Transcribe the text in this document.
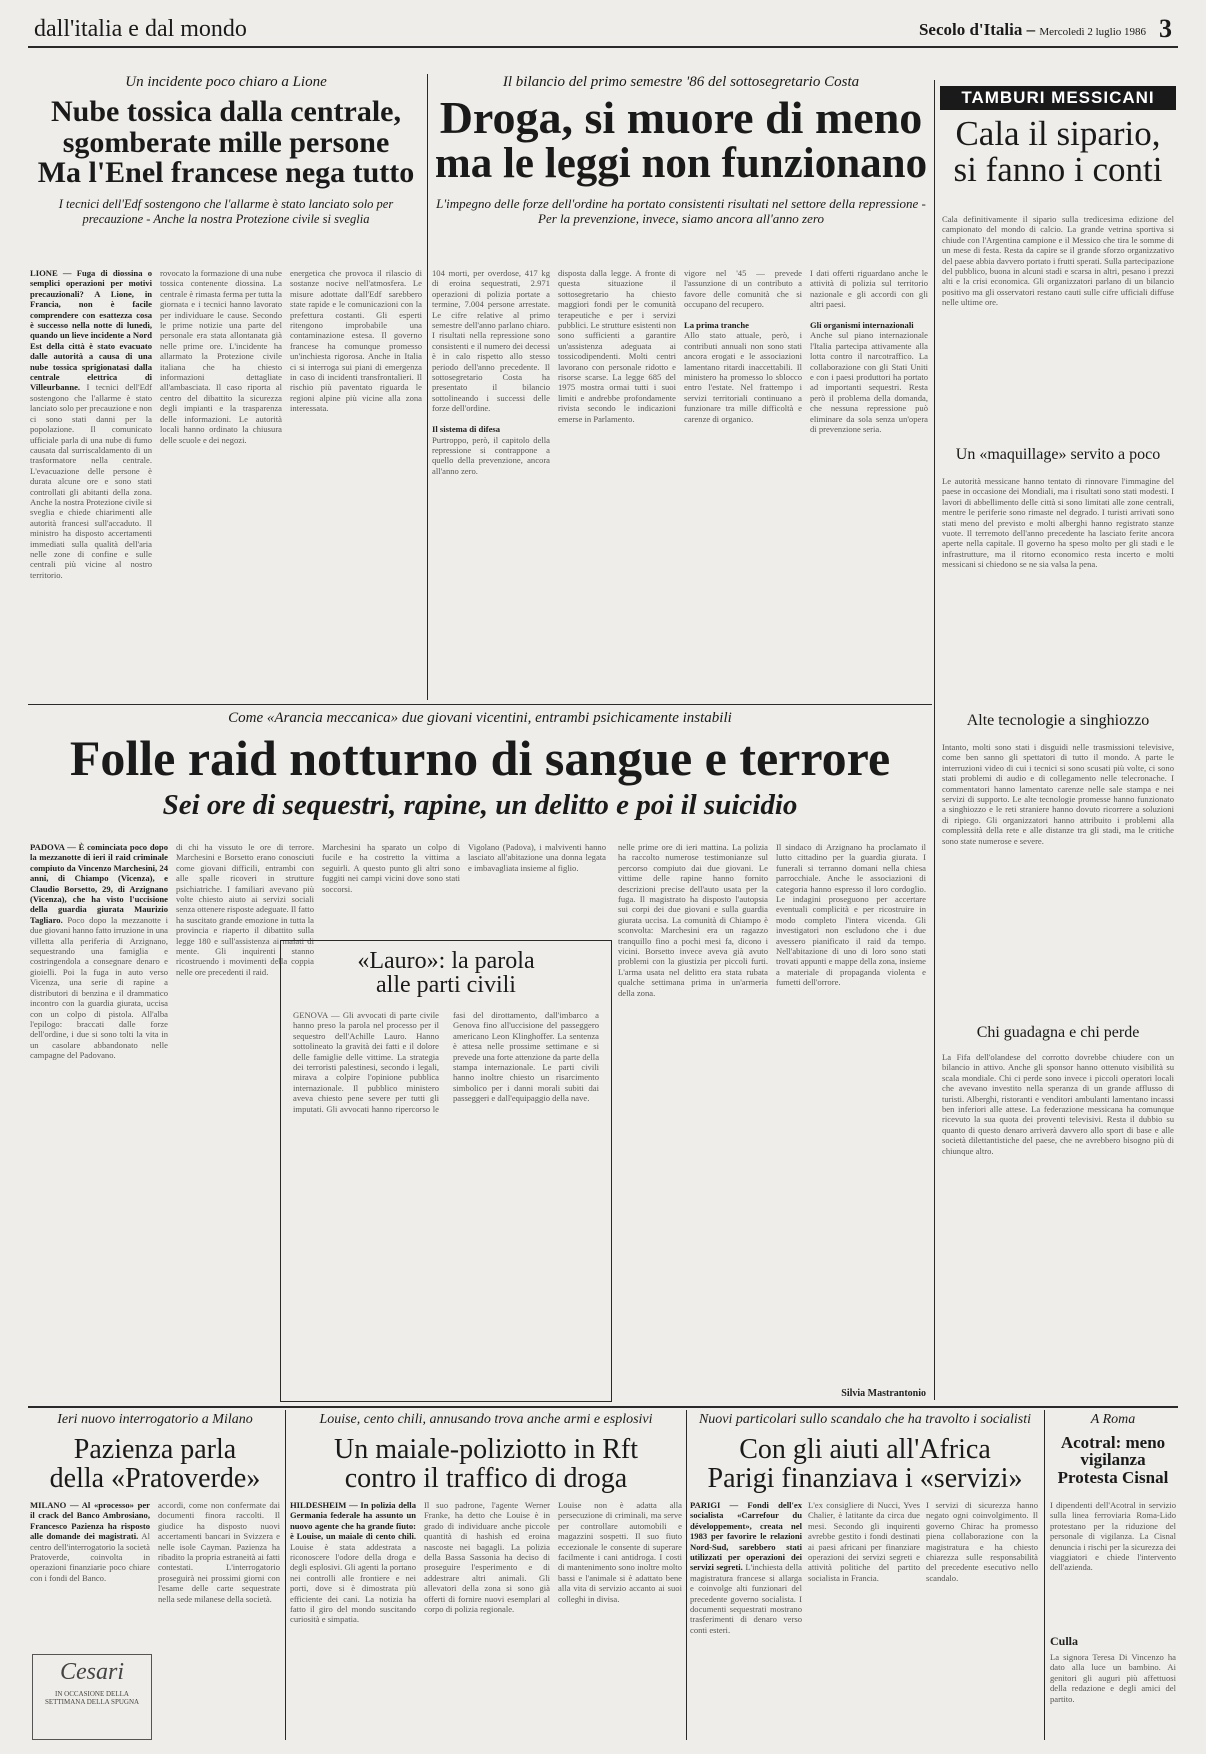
dall'italia e dal mondo	Secolo d'Italia – Mercoledì 2 luglio 1986 3
Un incidente poco chiaro a Lione
Nube tossica dalla centrale,
sgomberate mille persone
Ma l'Enel francese nega tutto
I tecnici dell'Edf sostengono che l'allarme è stato lanciato solo per precauzione - Anche la nostra Protezione civile si sveglia
LIONE — Fuga di diossina o semplici operazioni per motivi precauzionali? A Lione, in Francia, non è facile comprendere con esattezza cosa è successo nella notte di lunedì, quando un lieve incidente a Nord Est della città è stato evacuato dalle autorità a causa di una nube tossica sprigionatasi dalla centrale elettrica di Villeurbanne. I tecnici dell'Edf sostengono che l'allarme è stato lanciato solo per precauzione e non ci sono stati danni per la popolazione. Il comunicato ufficiale parla di una nube di fumo causata dal surriscaldamento di un trasformatore nella centrale. L'evacuazione delle persone è durata alcune ore e sono stati controllati gli abitanti della zona. Anche la nostra Protezione civile si sveglia e chiede chiarimenti alle autorità francesi sull'accaduto. Il ministro ha disposto accertamenti immediati sulla qualità dell'aria nelle zone di confine e sulle centrali più vicine al nostro territorio.
rovocato la formazione di una nube tossica contenente diossina. La centrale è rimasta ferma per tutta la giornata e i tecnici hanno lavorato per individuare le cause. Secondo le prime notizie una parte del personale era stata allontanata già nelle prime ore. L'incidente ha allarmato la Protezione civile italiana che ha chiesto informazioni dettagliate all'ambasciata. Il caso riporta al centro del dibattito la sicurezza degli impianti e la trasparenza delle informazioni. Le autorità locali hanno ordinato la chiusura delle scuole e dei negozi.
energetica che provoca il rilascio di sostanze nocive nell'atmosfera. Le misure adottate dall'Edf sarebbero state rapide e le comunicazioni con la prefettura costanti. Gli esperti ritengono improbabile una contaminazione estesa. Il governo francese ha comunque promesso un'inchiesta rigorosa. Anche in Italia ci si interroga sui piani di emergenza in caso di incidenti transfrontalieri. Il rischio più paventato riguarda le regioni alpine più vicine alla zona interessata.
Il bilancio del primo semestre '86 del sottosegretario Costa
Droga, si muore di meno
ma le leggi non funzionano
L'impegno delle forze dell'ordine ha portato consistenti risultati nel settore della repressione - Per la prevenzione, invece, siamo ancora all'anno zero
104 morti, per overdose, 417 kg di eroina sequestrati, 2.971 operazioni di polizia portate a termine, 7.004 persone arrestate. Le cifre relative al primo semestre dell'anno parlano chiaro. I risultati nella repressione sono consistenti e il numero dei decessi è in calo rispetto allo stesso periodo dell'anno precedente. Il sottosegretario Costa ha presentato il bilancio sottolineando i successi delle forze dell'ordine.

Il sistema di difesa
Purtroppo, però, il capitolo della repressione si contrappone a quello della prevenzione, ancora all'anno zero.
disposta dalla legge. A fronte di questa situazione il sottosegretario ha chiesto maggiori fondi per le comunità terapeutiche e per i servizi pubblici. Le strutture esistenti non sono sufficienti a garantire un'assistenza adeguata ai tossicodipendenti. Molti centri lavorano con personale ridotto e risorse scarse. La legge 685 del 1975 mostra ormai tutti i suoi limiti e andrebbe profondamente rivista secondo le indicazioni emerse in Parlamento.
vigore nel '45 — prevede l'assunzione di un contributo a favore delle comunità che si occupano del recupero.

La prima tranche
Allo stato attuale, però, i contributi annuali non sono stati ancora erogati e le associazioni lamentano ritardi inaccettabili. Il ministero ha promesso lo sblocco entro l'estate. Nel frattempo i servizi territoriali continuano a funzionare tra mille difficoltà e carenze di organico.
I dati offerti riguardano anche le attività di polizia sul territorio nazionale e gli accordi con gli altri paesi.

Gli organismi internazionali
Anche sul piano internazionale l'Italia partecipa attivamente alla lotta contro il narcotraffico. La collaborazione con gli Stati Uniti e con i paesi produttori ha portato ad importanti sequestri. Resta però il problema della domanda, che nessuna repressione può eliminare da sola senza un'opera di prevenzione seria.
TAMBURI MESSICANI
Cala il sipario,
si fanno i conti
Cala definitivamente il sipario sulla tredicesima edizione del campionato del mondo di calcio. La grande vetrina sportiva si chiude con l'Argentina campione e il Messico che tira le somme di un mese di festa. Resta da capire se il grande sforzo organizzativo del paese abbia davvero portato i frutti sperati. Sulla partecipazione del pubblico, buona in alcuni stadi e scarsa in altri, pesano i prezzi alti e la crisi economica. Gli organizzatori parlano di un bilancio positivo ma gli osservatori restano cauti sulle cifre ufficiali diffuse nelle ultime ore.
Un «maquillage» servito a poco
Le autorità messicane hanno tentato di rinnovare l'immagine del paese in occasione dei Mondiali, ma i risultati sono stati modesti. I lavori di abbellimento delle città si sono limitati alle zone centrali, mentre le periferie sono rimaste nel degrado. I turisti arrivati sono stati meno del previsto e molti alberghi hanno registrato stanze vuote. Il terremoto dell'anno precedente ha lasciato ferite ancora aperte nella capitale. Il governo ha speso molto per gli stadi e le infrastrutture, ma il ritorno economico resta incerto e molti messicani si chiedono se ne sia valsa la pena.
Alte tecnologie a singhiozzo
Intanto, molti sono stati i disguidi nelle trasmissioni televisive, come ben sanno gli spettatori di tutto il mondo. A parte le interruzioni video di cui i tecnici si sono scusati più volte, ci sono stati problemi di audio e di collegamento nelle telecronache. I commentatori hanno lamentato carenze nelle sale stampa e nei servizi di supporto. Le alte tecnologie promesse hanno funzionato a singhiozzo e le reti straniere hanno dovuto ricorrere a soluzioni di ripiego. Gli organizzatori hanno attribuito i problemi alla complessità della rete e alle distanze tra gli stadi, ma le critiche sono state numerose e severe.
Chi guadagna e chi perde
La Fifa dell'olandese del corrotto dovrebbe chiudere con un bilancio in attivo. Anche gli sponsor hanno ottenuto visibilità su scala mondiale. Chi ci perde sono invece i piccoli operatori locali che avevano investito nella speranza di un grande afflusso di turisti. Alberghi, ristoranti e venditori ambulanti lamentano incassi ben inferiori alle attese. La federazione messicana ha comunque ricevuto la sua quota dei proventi televisivi. Resta il dubbio su quanto di questo denaro arriverà davvero allo sport di base e alle società dilettantistiche del paese, che ne avrebbero bisogno più di chiunque altro.
Come «Arancia meccanica» due giovani vicentini, entrambi psichicamente instabili
Folle raid notturno di sangue e terrore
Sei ore di sequestri, rapine, un delitto e poi il suicidio
PADOVA — È cominciata poco dopo la mezzanotte di ieri il raid criminale compiuto da Vincenzo Marchesini, 24 anni, di Chiampo (Vicenza), e Claudio Borsetto, 29, di Arzignano (Vicenza), che ha visto l'uccisione della guardia giurata Maurizio Tagliaro. Poco dopo la mezzanotte i due giovani hanno fatto irruzione in una villetta alla periferia di Arzignano, sequestrando una famiglia e costringendola a consegnare denaro e gioielli. Poi la fuga in auto verso Vicenza, una serie di rapine a distributori di benzina e il drammatico incontro con la guardia giurata, uccisa con un colpo di pistola. All'alba l'epilogo: braccati dalle forze dell'ordine, i due si sono tolti la vita in un casolare abbandonato nelle campagne del Padovano.
di chi ha vissuto le ore di terrore. Marchesini e Borsetto erano conosciuti come giovani difficili, entrambi con alle spalle ricoveri in strutture psichiatriche. I familiari avevano più volte chiesto aiuto ai servizi sociali senza ottenere risposte adeguate. Il fatto ha suscitato grande emozione in tutta la provincia e riaperto il dibattito sulla legge 180 e sull'assistenza ai malati di mente. Gli inquirenti stanno ricostruendo i movimenti della coppia nelle ore precedenti il raid.
Marchesini ha sparato un colpo di fucile e ha costretto la vittima a seguirli. A questo punto gli altri sono fuggiti nei campi vicini dove sono stati soccorsi.
Vigolano (Padova), i malviventi hanno lasciato all'abitazione una donna legata e imbavagliata insieme al figlio.
«Lauro»: la parola
alle parti civili
GENOVA — Gli avvocati di parte civile hanno preso la parola nel processo per il sequestro dell'Achille Lauro. Hanno sottolineato la gravità dei fatti e il dolore delle famiglie delle vittime. La strategia dei terroristi palestinesi, secondo i legali, mirava a colpire l'opinione pubblica internazionale. Il pubblico ministero aveva chiesto pene severe per tutti gli imputati. Gli avvocati hanno ripercorso le fasi del dirottamento, dall'imbarco a Genova fino all'uccisione del passeggero americano Leon Klinghoffer. La sentenza è attesa nelle prossime settimane e si prevede una forte attenzione da parte della stampa internazionale. Le parti civili hanno inoltre chiesto un risarcimento simbolico per i danni morali subiti dai passeggeri e dall'equipaggio della nave.
nelle prime ore di ieri mattina. La polizia ha raccolto numerose testimonianze sul percorso compiuto dai due giovani. Le vittime delle rapine hanno fornito descrizioni precise dell'auto usata per la fuga. Il magistrato ha disposto l'autopsia sui corpi dei due giovani e sulla guardia giurata uccisa. La comunità di Chiampo è sconvolta: Marchesini era un ragazzo tranquillo fino a pochi mesi fa, dicono i vicini. Borsetto invece aveva già avuto problemi con la giustizia per piccoli furti. L'arma usata nel delitto era stata rubata qualche settimana prima in un'armeria della zona.
Il sindaco di Arzignano ha proclamato il lutto cittadino per la guardia giurata. I funerali si terranno domani nella chiesa parrocchiale. Anche le associazioni di categoria hanno espresso il loro cordoglio. Le indagini proseguono per accertare eventuali complicità e per ricostruire in modo completo l'intera vicenda. Gli investigatori non escludono che i due avessero pianificato il raid da tempo. Nell'abitazione di uno di loro sono stati trovati appunti e mappe della zona, insieme a materiale di propaganda violenta e fumetti dell'orrore.
Silvia Mastrantonio
Ieri nuovo interrogatorio a Milano
Pazienza parla
della «Pratoverde»
MILANO — Al «processo» per il crack del Banco Ambrosiano, Francesco Pazienza ha risposto alle domande dei magistrati. Al centro dell'interrogatorio la società Pratoverde, coinvolta in operazioni finanziarie poco chiare con i fondi del Banco.
accordi, come non confermate dai documenti finora raccolti. Il giudice ha disposto nuovi accertamenti bancari in Svizzera e nelle isole Cayman. Pazienza ha ribadito la propria estraneità ai fatti contestati. L'interrogatorio proseguirà nei prossimi giorni con l'esame delle carte sequestrate nella sede milanese della società.
Cesari
IN OCCASIONE DELLA
SETTIMANA DELLA SPUGNA
Louise, cento chili, annusando trova anche armi e esplosivi
Un maiale-poliziotto in Rft
contro il traffico di droga
HILDESHEIM — In polizia della Germania federale ha assunto un nuovo agente che ha grande fiuto: è Louise, un maiale di cento chili. Louise è stata addestrata a riconoscere l'odore della droga e degli esplosivi. Gli agenti la portano nei controlli alle frontiere e nei porti, dove si è dimostrata più efficiente dei cani. La notizia ha fatto il giro del mondo suscitando curiosità e simpatia.
Il suo padrone, l'agente Werner Franke, ha detto che Louise è in grado di individuare anche piccole quantità di hashish ed eroina nascoste nei bagagli. La polizia della Bassa Sassonia ha deciso di proseguire l'esperimento e di addestrare altri animali. Gli allevatori della zona si sono già offerti di fornire nuovi esemplari al corpo di polizia regionale.
Louise non è adatta alla persecuzione di criminali, ma serve per controllare automobili e magazzini sospetti. Il suo fiuto eccezionale le consente di superare facilmente i cani antidroga. I costi di mantenimento sono inoltre molto bassi e l'animale si è adattato bene alla vita di servizio accanto ai suoi colleghi in divisa.
Nuovi particolari sullo scandalo che ha travolto i socialisti
Con gli aiuti all'Africa
Parigi finanziava i «servizi»
PARIGI — Fondi dell'ex socialista «Carrefour du développement», creata nel 1983 per favorire le relazioni Nord-Sud, sarebbero stati utilizzati per operazioni dei servizi segreti. L'inchiesta della magistratura francese si allarga e coinvolge alti funzionari del precedente governo socialista. I documenti sequestrati mostrano trasferimenti di denaro verso conti esteri.
L'ex consigliere di Nucci, Yves Chalier, è latitante da circa due mesi. Secondo gli inquirenti avrebbe gestito i fondi destinati ai paesi africani per finanziare operazioni dei servizi segreti e attività politiche del partito socialista in Francia.
I servizi di sicurezza hanno negato ogni coinvolgimento. Il governo Chirac ha promesso piena collaborazione con la magistratura e ha chiesto chiarezza sulle responsabilità del precedente esecutivo nello scandalo.
A Roma
Acotral: meno
vigilanza
Protesta Cisnal
I dipendenti dell'Acotral in servizio sulla linea ferroviaria Roma-Lido protestano per la riduzione del personale di vigilanza. La Cisnal denuncia i rischi per la sicurezza dei viaggiatori e chiede l'intervento dell'azienda.
Culla
La signora Teresa Di Vincenzo ha dato alla luce un bambino. Ai genitori gli auguri più affettuosi della redazione e degli amici del partito.
